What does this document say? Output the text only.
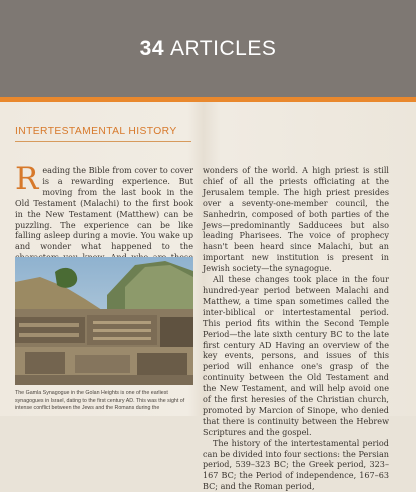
34 ARTICLES
INTERTESTAMENTAL HISTORY
Reading the Bible from cover to cover is a rewarding experience. But moving from the last book in the Old Testament (Malachi) to the first book in the New Testament (Matthew) can be puzzling. The experience can be like falling asleep during a movie. You wake up and wonder what happened to the
The Gamla Synagogue in the Golan Heights is one of the earliest synagogues in Israel, dating to the first century AD. This was the sight of intense conflict between the Jews and the Romans during the

wonders of the world. A high priest is still chief of all the priests officiating at the Jerusalem temple. The high priest presides over a seventy-one-member council, the Sanhedrin, composed of both parties of the Jews—predominantly Sadducees but also leading Pharisees. The voice of prophecy hasn't been heard since Malachi, but an important new institution is present in Jewish society—the synagogue.

All these changes took place in the four hundred-year period between Malachi and Matthew, a time span sometimes called the inter-biblical or intertestamental period. This period fits within the Second Temple Period—the late sixth century BC to the late first century AD Having an overview of the key events, persons, and issues of this period will enhance one's grasp of the continuity between the Old Testament and the New Testament, and will help avoid one of the first heresies of the Christian church, promoted by Marcion of Sinope, who denied that there is continuity between the Hebrew Scriptures and the gospel.

The history of the intertestamental period can be divided into four sections: the Persian period, 539–323 BC; the Greek period, 323–167 BC; the Period of independence, 167–63 BC; and the Roman period,
